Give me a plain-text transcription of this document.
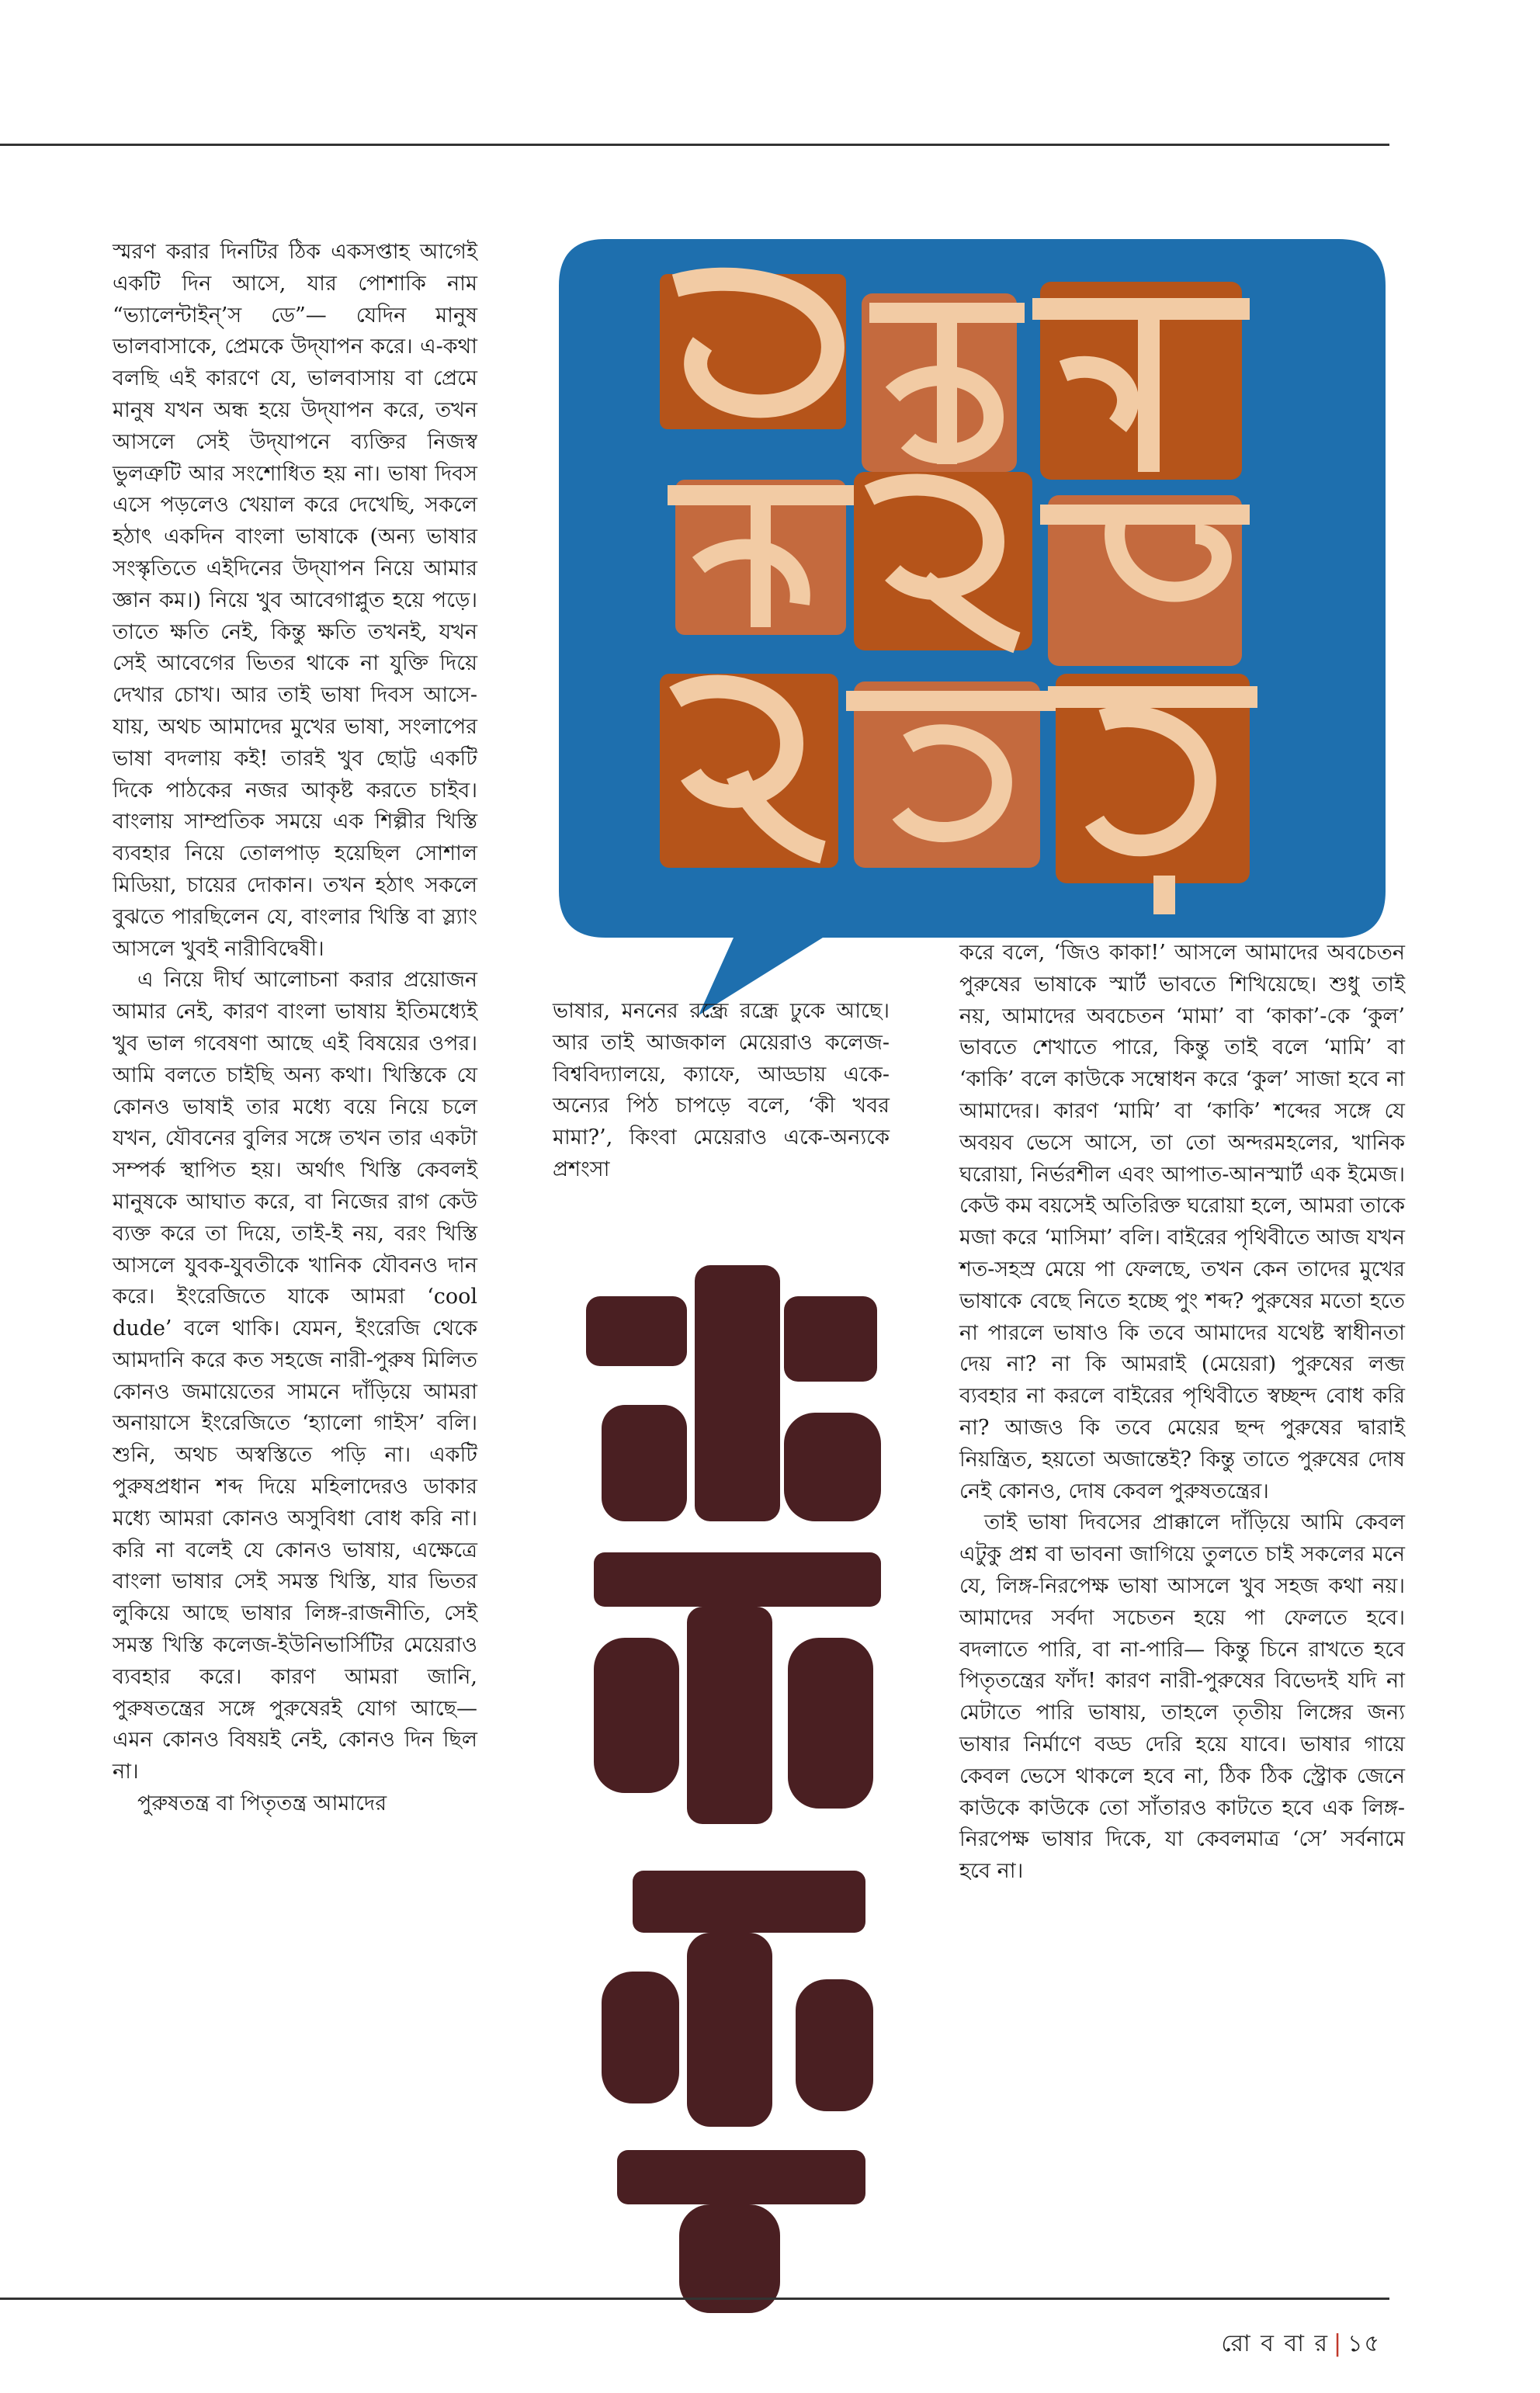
স্মরণ করার দিনটির ঠিক একসপ্তাহ আগেই একটি দিন আসে, যার পোশাকি নাম “ভ্যালেন্টাইন্‌’স ডে”— যেদিন মানুষ ভালবাসাকে, প্রেমকে উদ্‌যাপন করে। এ-কথা বলছি এই কারণে যে, ভালবাসায় বা প্রেমে মানুষ যখন অন্ধ হয়ে উদ্‌যাপন করে, তখন আসলে সেই উদ্‌যাপনে ব্যক্তির নিজস্ব ভুলত্রুটি আর সংশোধিত হয় না। ভাষা দিবস এসে পড়লেও খেয়াল করে দেখেছি, সকলে হঠাৎ একদিন বাংলা ভাষাকে (অন্য ভাষার সংস্কৃতিতে এইদিনের উদ্‌যাপন নিয়ে আমার জ্ঞান কম।) নিয়ে খুব আবেগাপ্লুত হয়ে পড়ে। তাতে ক্ষতি নেই, কিন্তু ক্ষতি তখনই, যখন সেই আবেগের ভিতর থাকে না যুক্তি দিয়ে দেখার চোখ। আর তাই ভাষা দিবস আসে-যায়, অথচ আমাদের মুখের ভাষা, সংলাপের ভাষা বদলায় কই! তারই খুব ছোট্ট একটি দিকে পাঠকের নজর আকৃষ্ট করতে চাইব। বাংলায় সাম্প্রতিক সময়ে এক শিল্পীর খিস্তি ব্যবহার নিয়ে তোলপাড় হয়েছিল সোশাল মিডিয়া, চায়ের দোকান। তখন হঠাৎ সকলে বুঝতে পারছিলেন যে, বাংলার খিস্তি বা স্ল্যাং আসলে খুবই নারীবিদ্বেষী।

এ নিয়ে দীর্ঘ আলোচনা করার প্রয়োজন আমার নেই, কারণ বাংলা ভাষায় ইতিমধ্যেই খুব ভাল গবেষণা আছে এই বিষয়ের ওপর। আমি বলতে চাইছি অন্য কথা। খিস্তিকে যে কোনও ভাষাই তার মধ্যে বয়ে নিয়ে চলে যখন, যৌবনের বুলির সঙ্গে তখন তার একটা সম্পর্ক স্থাপিত হয়। অর্থাৎ খিস্তি কেবলই মানুষকে আঘাত করে, বা নিজের রাগ কেউ ব্যক্ত করে তা দিয়ে, তাই-ই নয়, বরং খিস্তি আসলে যুবক-যুবতীকে খানিক যৌবনও দান করে। ইংরেজিতে যাকে আমরা ‘cool dude’ বলে থাকি। যেমন, ইংরেজি থেকে আমদানি করে কত সহজে নারী-পুরুষ মিলিত কোনও জমায়েতের সামনে দাঁড়িয়ে আমরা অনায়াসে ইংরেজিতে ‘হ্যালো গাইস’ বলি। শুনি, অথচ অস্বস্তিতে পড়ি না। একটি পুরুষপ্রধান শব্দ দিয়ে মহিলাদেরও ডাকার মধ্যে আমরা কোনও অসুবিধা বোধ করি না। করি না বলেই যে কোনও ভাষায়, এক্ষেত্রে বাংলা ভাষার সেই সমস্ত খিস্তি, যার ভিতর লুকিয়ে আছে ভাষার লিঙ্গ-রাজনীতি, সেই সমস্ত খিস্তি কলেজ-ইউনিভার্সিটির মেয়েরাও ব্যবহার করে। কারণ আমরা জানি, পুরুষতন্ত্রের সঙ্গে পুরুষেরই যোগ আছে— এমন কোনও বিষয়ই নেই, কোনও দিন ছিল না।

পুরুষতন্ত্র বা পিতৃতন্ত্র আমাদের

ভাষার, মননের রন্ধ্রে রন্ধ্রে ঢুকে আছে। আর তাই আজকাল মেয়েরাও কলেজ-বিশ্ববিদ্যালয়ে, ক্যাফে, আড্ডায় একে-অন্যের পিঠ চাপড়ে বলে, ‘কী খবর মামা?’, কিংবা মেয়েরাও একে-অন্যকে প্রশংসা

করে বলে, ‘জিও কাকা!’ আসলে আমাদের অবচেতন পুরুষের ভাষাকে স্মার্ট ভাবতে শিখিয়েছে। শুধু তাই নয়, আমাদের অবচেতন ‘মামা’ বা ‘কাকা’-কে ‘কুল’ ভাবতে শেখাতে পারে, কিন্তু তাই বলে ‘মামি’ বা ‘কাকি’ বলে কাউকে সম্বোধন করে ‘কুল’ সাজা হবে না আমাদের। কারণ ‘মামি’ বা ‘কাকি’ শব্দের সঙ্গে যে অবয়ব ভেসে আসে, তা তো অন্দরমহলের, খানিক ঘরোয়া, নির্ভরশীল এবং আপাত-আনস্মার্ট এক ইমেজ। কেউ কম বয়সেই অতিরিক্ত ঘরোয়া হলে, আমরা তাকে মজা করে ‘মাসিমা’ বলি। বাইরের পৃথিবীতে আজ যখন শত-সহস্র মেয়ে পা ফেলছে, তখন কেন তাদের মুখের ভাষাকে বেছে নিতে হচ্ছে পুং শব্দ? পুরুষের মতো হতে না পারলে ভাষাও কি তবে আমাদের যথেষ্ট স্বাধীনতা দেয় না? না কি আমরাই (মেয়েরা) পুরুষের লব্জ ব্যবহার না করলে বাইরের পৃথিবীতে স্বচ্ছন্দ বোধ করি না? আজও কি তবে মেয়ের ছন্দ পুরুষের দ্বারাই নিয়ন্ত্রিত, হয়তো অজান্তেই? কিন্তু তাতে পুরুষের দোষ নেই কোনও, দোষ কেবল পুরুষতন্ত্রের।

তাই ভাষা দিবসের প্রাক্কালে দাঁড়িয়ে আমি কেবল এটুকু প্রশ্ন বা ভাবনা জাগিয়ে তুলতে চাই সকলের মনে যে, লিঙ্গ-নিরপেক্ষ ভাষা আসলে খুব সহজ কথা নয়। আমাদের সর্বদা সচেতন হয়ে পা ফেলতে হবে। বদলাতে পারি, বা না-পারি— কিন্তু চিনে রাখতে হবে পিতৃতন্ত্রের ফাঁদ! কারণ নারী-পুরুষের বিভেদই যদি না মেটাতে পারি ভাষায়, তাহলে তৃতীয় লিঙ্গের জন্য ভাষার নির্মাণে বড্ড দেরি হয়ে যাবে। ভাষার গায়ে কেবল ভেসে থাকলে হবে না, ঠিক ঠিক স্ট্রোক জেনে কাউকে কাউকে তো সাঁতারও কাটতে হবে এক লিঙ্গ-নিরপেক্ষ ভাষার দিকে, যা কেবলমাত্র ‘সে’ সর্বনামে হবে না।

রো ব বা র | ১৫
